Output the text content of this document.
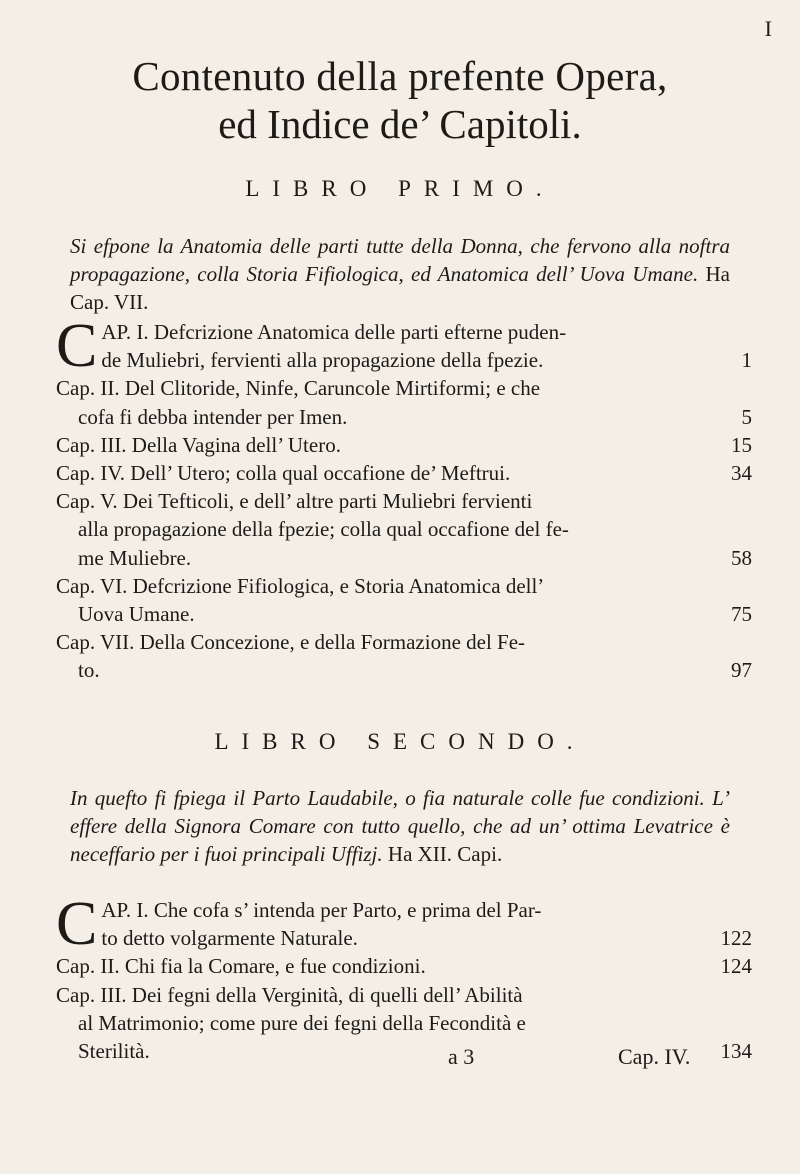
I
Contenuto della prefente Opera,
ed Indice de’ Capitoli.
LIBRO PRIMO.
Si efpone la Anatomia delle parti tutte della Donna, che fervono alla noftra propagazione, colla Storia Fifiologica, ed Anatomica dell’ Uova Umane. Ha Cap. VII.
C AP. I. Defcrizione Anatomica delle parti efterne puden-
de Muliebri, fervienti alla propagazione della fpezie.	1
Cap. II. Del Clitoride, Ninfe, Caruncole Mirtiformi; e che
cofa fi debba intender per Imen.	5
Cap. III. Della Vagina dell’ Utero.	15
Cap. IV. Dell’ Utero; colla qual occafione de’ Meftrui.	34
Cap. V. Dei Tefticoli, e dell’ altre parti Muliebri fervienti
alla propagazione della fpezie; colla qual occafione del fe-
me Muliebre.	58
Cap. VI. Defcrizione Fifiologica, e Storia Anatomica dell’
Uova Umane.	75
Cap. VII. Della Concezione, e della Formazione del Fe-
to.	97
LIBRO SECONDO.
In quefto fi fpiega il Parto Laudabile, o fia naturale colle fue condizioni. L’ effere della Signora Comare con tutto quello, che ad un’ ottima Levatrice è neceffario per i fuoi principali Uffizj. Ha XII. Capi.
C AP. I. Che cofa s’ intenda per Parto, e prima del Par-
to detto volgarmente Naturale.	122
Cap. II. Chi fia la Comare, e fue condizioni.	124
Cap. III. Dei fegni della Verginità, di quelli dell’ Abilità
al Matrimonio; come pure dei fegni della Fecondità e
Sterilità.	134
a 3	Cap. IV.
